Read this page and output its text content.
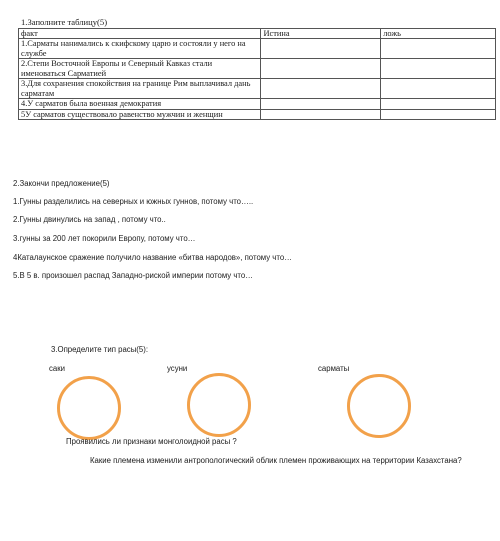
1.Заполните таблицу(5)
факт	Истина	ложь
1.Сарматы нанимались к скифскому царю и состояли у него на службе		
2.Степи Восточной Европы и Северный Кавказ стали именоваться Сарматией		
3.Для сохранения спокойствия на границе Рим выплачивал дань сарматам		
4.У сарматов была военная демократия		
5У сарматов существовало равенство мужчин и женщин		
2.Закончи предложение(5)
1.Гунны разделились на северных и южных гуннов, потому что…..
2.Гунны двинулись на запад , потому что..
3.гунны за 200 лет покорили Европу, потому что…
4Каталаунское сражение получило название «битва народов», потому что…
5.В 5 в. произошел распад Западно-риской империи потому что…
3.Определите тип расы(5):
саки	усуни	сарматы
Проявились ли признаки монголоидной расы ?
Какие племена изменили антропологический облик племен проживающих на территории Казахстана?
